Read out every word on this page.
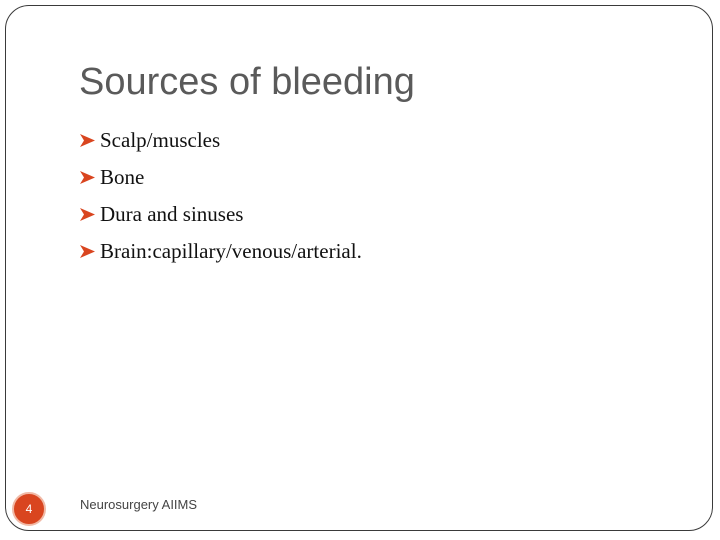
Sources of bleeding
Scalp/muscles
Bone
Dura and sinuses
Brain:capillary/venous/arterial.
4	Neurosurgery AIIMS
